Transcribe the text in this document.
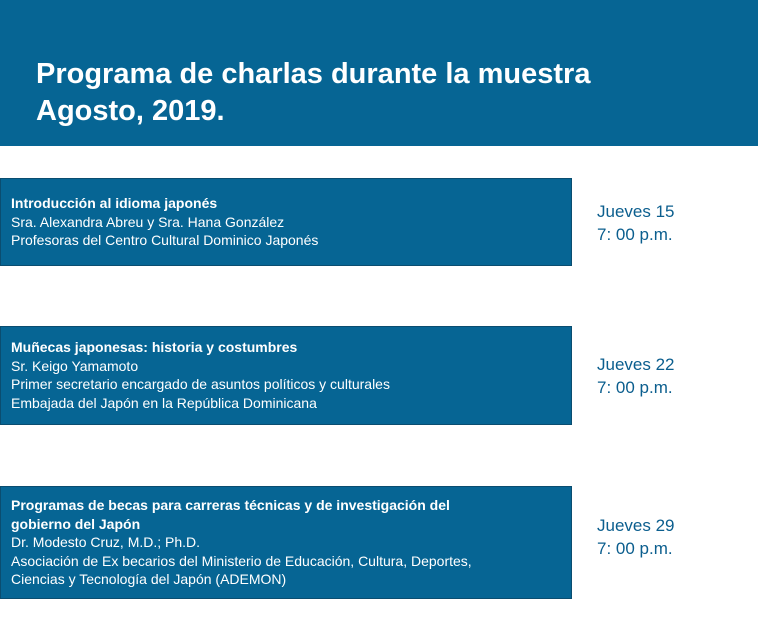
Programa de charlas durante la muestra
Agosto, 2019.
Introducción al idioma japonés
Sra. Alexandra Abreu y Sra. Hana González
Profesoras del Centro Cultural Dominico Japonés
Jueves 15
7: 00 p.m.
Muñecas japonesas: historia y costumbres
Sr. Keigo Yamamoto
Primer secretario encargado de asuntos políticos y culturales
Embajada del Japón en la República Dominicana
Jueves 22
7: 00 p.m.
Programas de becas para carreras técnicas y de investigación del
gobierno del Japón
Dr. Modesto Cruz, M.D.; Ph.D.
Asociación de Ex becarios del Ministerio de Educación, Cultura, Deportes,
Ciencias y Tecnología del Japón (ADEMON)
Jueves 29
7: 00 p.m.
